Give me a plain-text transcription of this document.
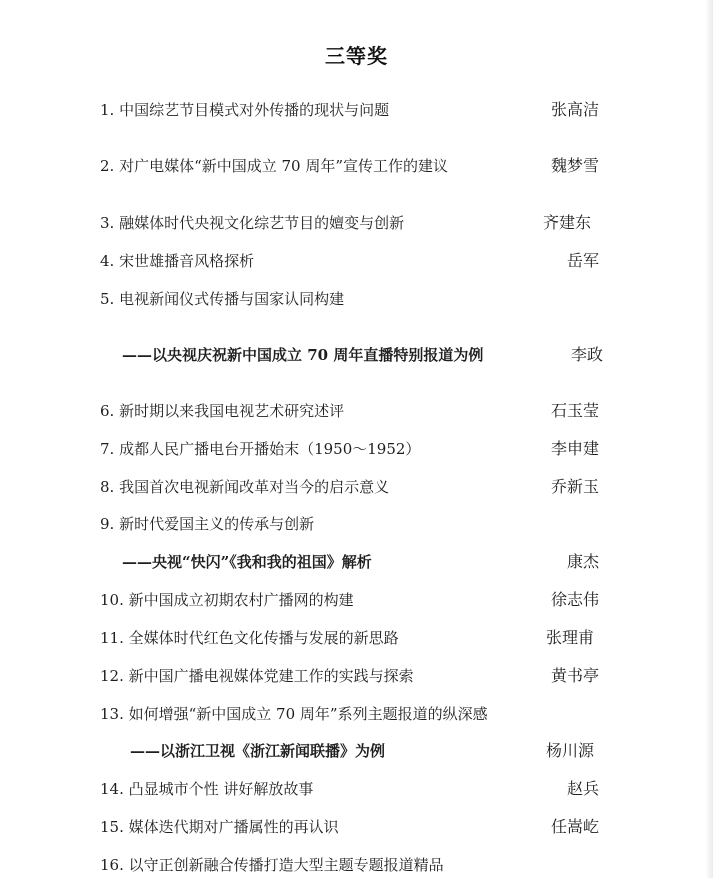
三等奖
1. 中国综艺节目模式对外传播的现状与问题	张高洁
2. 对广电媒体“新中国成立 70 周年”宣传工作的建议	魏梦雪
3. 融媒体时代央视文化综艺节目的嬗变与创新	齐建东
4. 宋世雄播音风格探析	岳军
5. 电视新闻仪式传播与国家认同构建
——以央视庆祝新中国成立 70 周年直播特别报道为例	李政
6. 新时期以来我国电视艺术研究述评	石玉莹
7. 成都人民广播电台开播始末（1950～1952）	李申建
8. 我国首次电视新闻改革对当今的启示意义	乔新玉
9. 新时代爱国主义的传承与创新
——央视“快闪”《我和我的祖国》解析	康杰
10. 新中国成立初期农村广播网的构建	徐志伟
11. 全媒体时代红色文化传播与发展的新思路	张理甫
12. 新中国广播电视媒体党建工作的实践与探索	黄书亭
13. 如何增强“新中国成立 70 周年”系列主题报道的纵深感
——以浙江卫视《浙江新闻联播》为例	杨川源
14. 凸显城市个性 讲好解放故事	赵兵
15. 媒体迭代期对广播属性的再认识	任嵩屹
16. 以守正创新融合传播打造大型主题专题报道精品
